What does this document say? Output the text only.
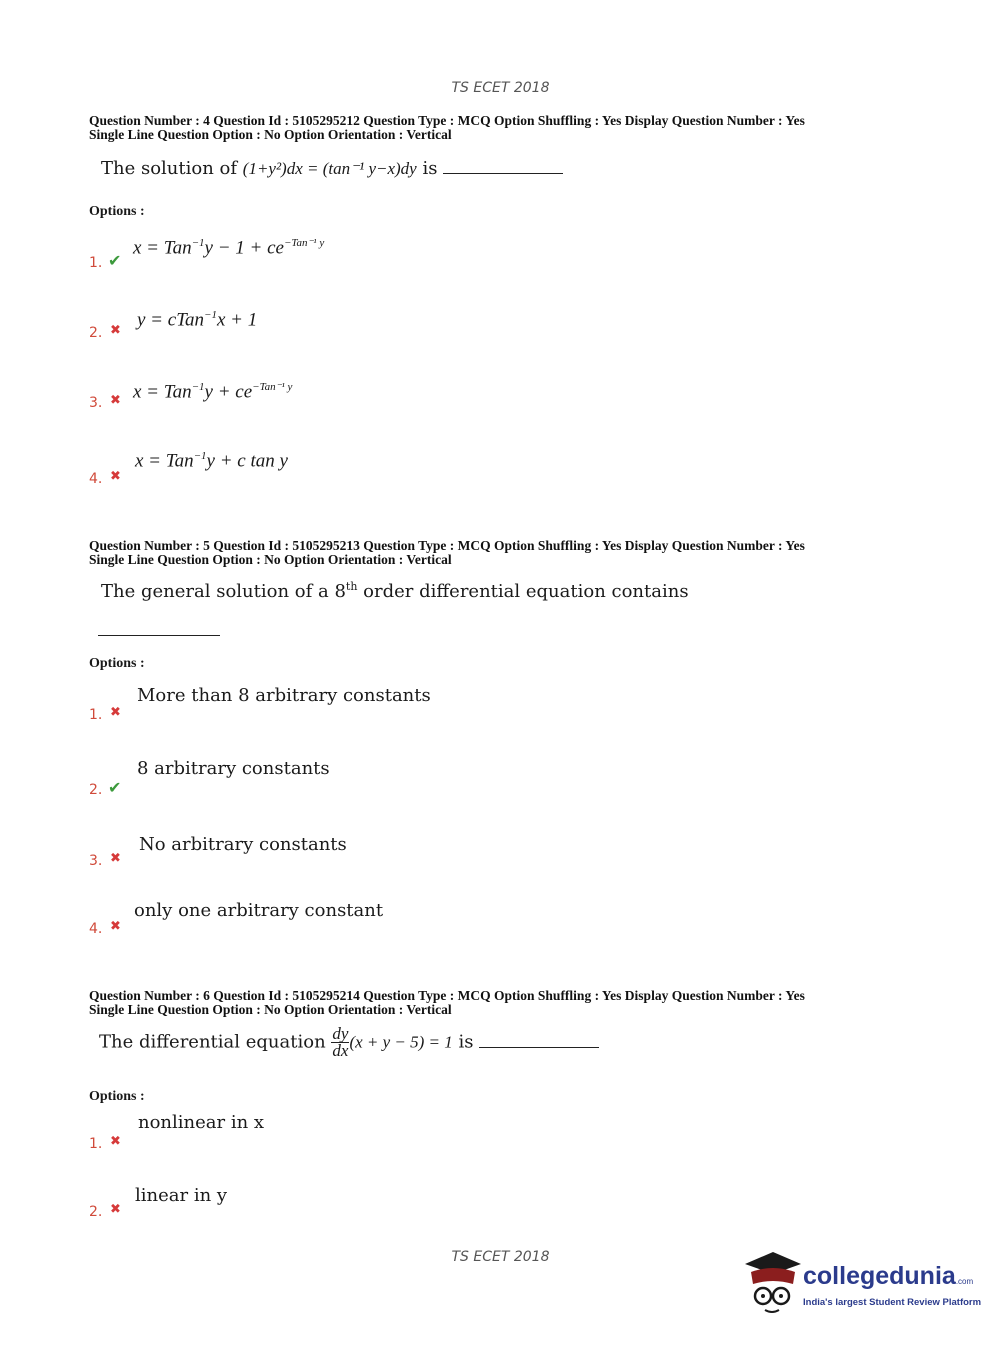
TS ECET 2018
Question Number : 4 Question Id : 5105295212 Question Type : MCQ Option Shuffling : Yes Display Question Number : Yes
Single Line Question Option : No Option Orientation : Vertical
The solution of (1+y²)dx = (tan⁻¹ y−x)dy is
Options :
1. ✔
$x = Tan^{-1}y - 1 + ce^{-Tan^{-1} y}$
2. ✖
y = cTan$^{-1}$x + 1
3. ✖ $x = Tan^{-1}y + ce^{-Tan^{-1} y}$
4. ✖
x = Tan$^{-1}$y + c tan y
Question Number : 5 Question Id : 5105295213 Question Type : MCQ Option Shuffling : Yes Display Question Number : Yes
Single Line Question Option : No Option Orientation : Vertical
The general solution of a 8th order differential equation contains
Options :
1. ✖
More than 8 arbitrary constants
2. ✔
8 arbitrary constants
3. ✖
No arbitrary constants
4. ✖
only one arbitrary constant
Question Number : 6 Question Id : 5105295214 Question Type : MCQ Option Shuffling : Yes Display Question Number : Yes
Single Line Question Option : No Option Orientation : Vertical
The differential equation $\frac{dy}{dx} (x + y - 5) = 1$ is
Options :
1. ✖
nonlinear in x
2. ✖
linear in y
TS ECET 2018
collegedunia.com
India's largest Student Review Platform
